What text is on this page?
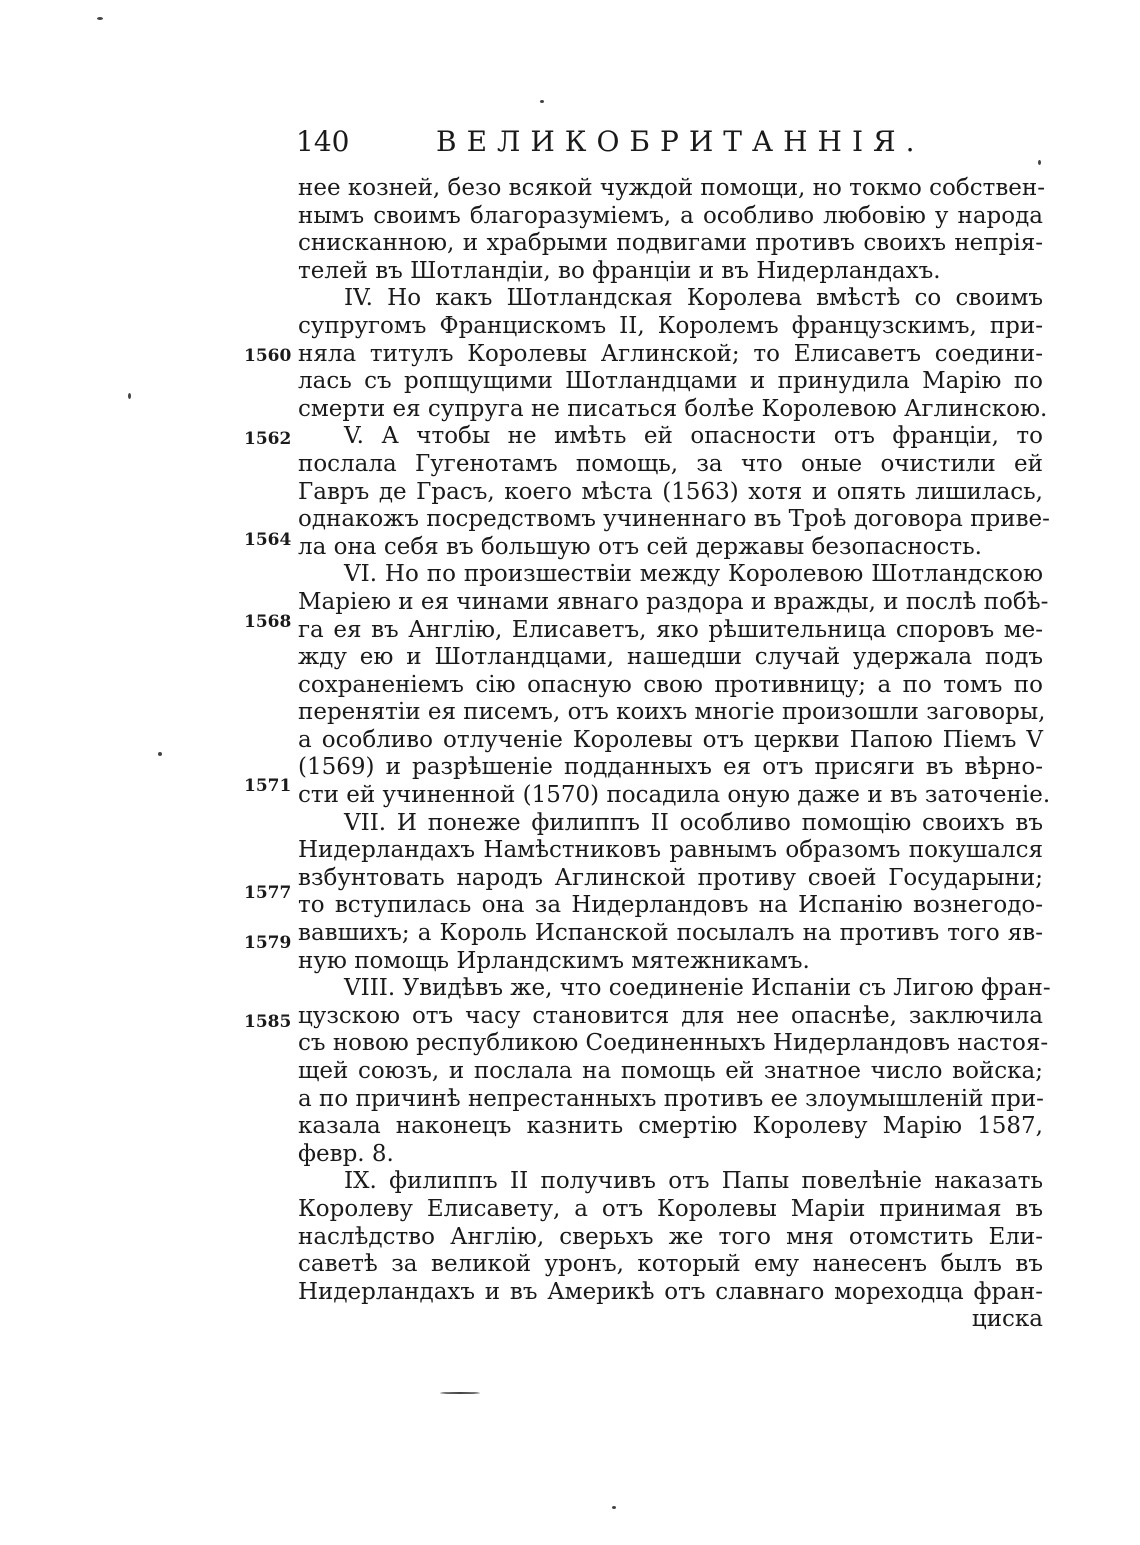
140	ВЕЛИКОБРИТАННІЯ.
нее козней, безо всякой чуждой помощи, но токмо собствен-
нымъ своимъ благоразуміемъ, а особливо любовію у народа
снисканною, и храбрыми подвигами противъ своихъ непрія-
телей въ Шотландіи, во франціи и въ Нидерландахъ.
IV. Но какъ Шотландская Королева вмѣстѣ со своимъ
супругомъ Францискомъ II, Королемъ французскимъ, при-
няла титулъ Королевы Аглинской; то Елисаветъ соедини-
лась съ ропщущими Шотландцами и принудила Марію по
смерти ея супруга не писаться болѣе Королевою Аглинскою.
V. А чтобы не имѣть ей опасности отъ франціи, то
послала Гугенотамъ помощь, за что оные очистили ей
Гавръ де Грасъ, коего мѣста (1563) хотя и опять лишилась,
однакожъ посредствомъ учиненнаго въ Троѣ договора приве-
ла она себя въ большую отъ сей державы безопасность.
VI. Но по произшествіи между Королевою Шотландскою
Маріею и ея чинами явнаго раздора и вражды, и послѣ побѣ-
га ея въ Англію, Елисаветъ, яко рѣшительница споровъ ме-
жду ею и Шотландцами, нашедши случай удержала подъ
сохраненіемъ сію опасную свою противницу; а по томъ по
перенятіи ея писемъ, отъ коихъ многіе произошли заговоры,
а особливо отлученіе Королевы отъ церкви Папою Піемъ V
(1569) и разрѣшеніе подданныхъ ея отъ присяги въ вѣрно-
сти ей учиненной (1570) посадила оную даже и въ заточеніе.
VII. И понеже филиппъ II особливо помощію своихъ въ
Нидерландахъ Намѣстниковъ равнымъ образомъ покушался
взбунтовать народъ Аглинской противу своей Государыни;
то вступилась она за Нидерландовъ на Испанію вознегодо-
вавшихъ; а Король Испанской посылалъ на противъ того яв-
ную помощь Ирландскимъ мятежникамъ.
VIII. Увидѣвъ же, что соединеніе Испаніи съ Лигою фран-
цузскою отъ часу становится для нее опаснѣе, заключила
съ новою республикою Соединенныхъ Нидерландовъ настоя-
щей союзъ, и послала на помощь ей знатное число войска;
а по причинѣ непрестанныхъ противъ ее злоумышленій при-
казала наконецъ казнить смертію Королеву Марію 1587,
февр. 8.
IX. филиппъ II получивъ отъ Папы повелѣніе наказать
Королеву Елисавету, а отъ Королевы Маріи принимая въ
наслѣдство Англію, сверьхъ же того мня отомстить Ели-
саветѣ за великой уронъ, который ему нанесенъ былъ въ
Нидерландахъ и въ Америкѣ отъ славнаго мореходца фран-
циска
1560
1562
1564
1568
1571
1577
1579
1585
